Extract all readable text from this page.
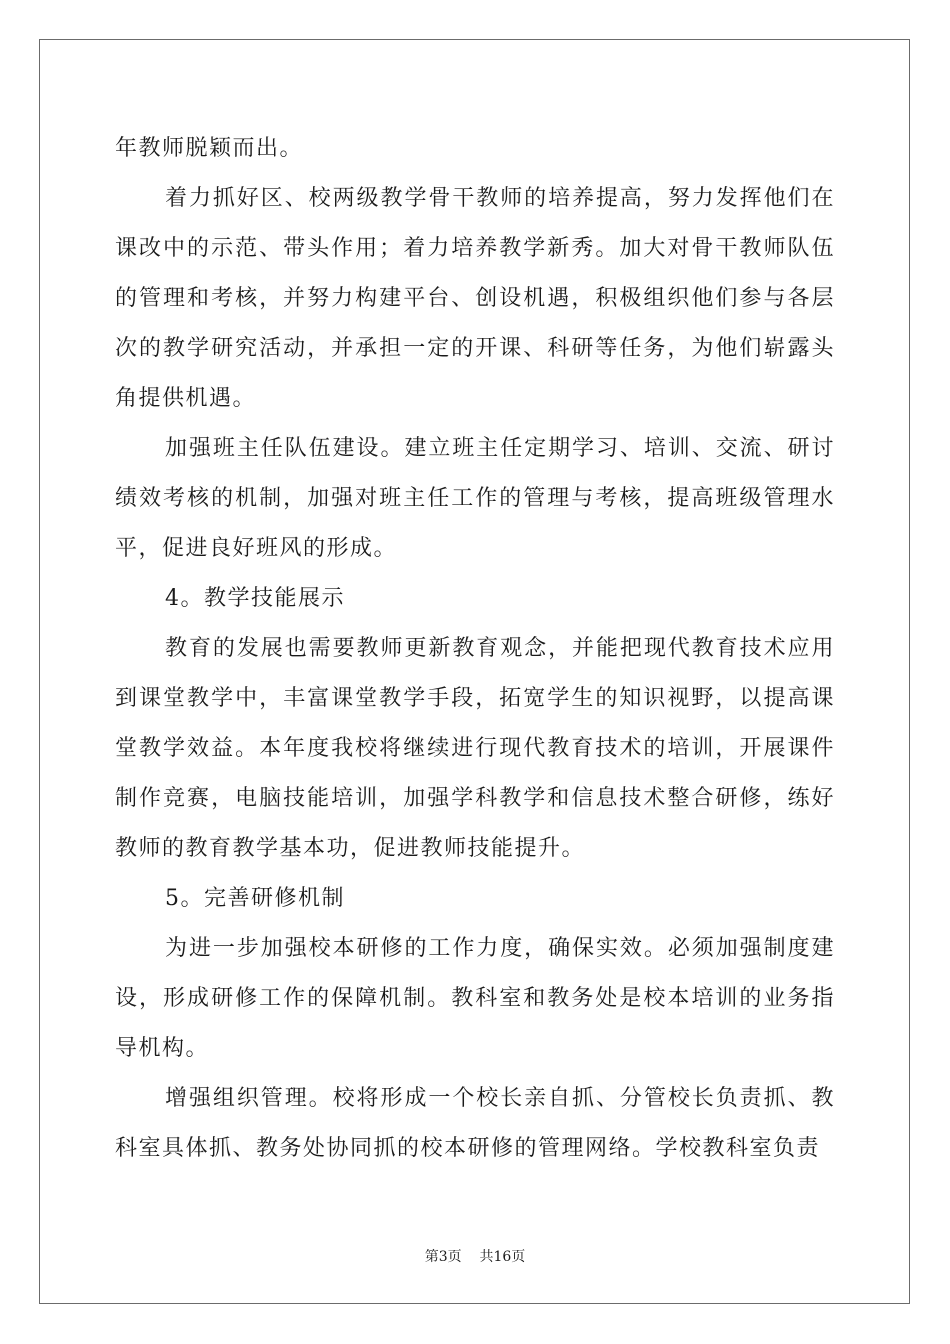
年教师脱颖而出。

着力抓好区、校两级教学骨干教师的培养提高，努力发挥他们在课改中的示范、带头作用；着力培养教学新秀。加大对骨干教师队伍的管理和考核，并努力构建平台、创设机遇，积极组织他们参与各层次的教学研究活动，并承担一定的开课、科研等任务，为他们崭露头角提供机遇。

加强班主任队伍建设。建立班主任定期学习、培训、交流、研讨绩效考核的机制，加强对班主任工作的管理与考核，提高班级管理水平，促进良好班风的形成。

4。教学技能展示

教育的发展也需要教师更新教育观念，并能把现代教育技术应用到课堂教学中，丰富课堂教学手段，拓宽学生的知识视野，以提高课堂教学效益。本年度我校将继续进行现代教育技术的培训，开展课件制作竞赛，电脑技能培训，加强学科教学和信息技术整合研修，练好教师的教育教学基本功，促进教师技能提升。

5。完善研修机制

为进一步加强校本研修的工作力度，确保实效。必须加强制度建设，形成研修工作的保障机制。教科室和教务处是校本培训的业务指导机构。

增强组织管理。校将形成一个校长亲自抓、分管校长负责抓、教科室具体抓、教务处协同抓的校本研修的管理网络。学校教科室负责

第3页 共16页
